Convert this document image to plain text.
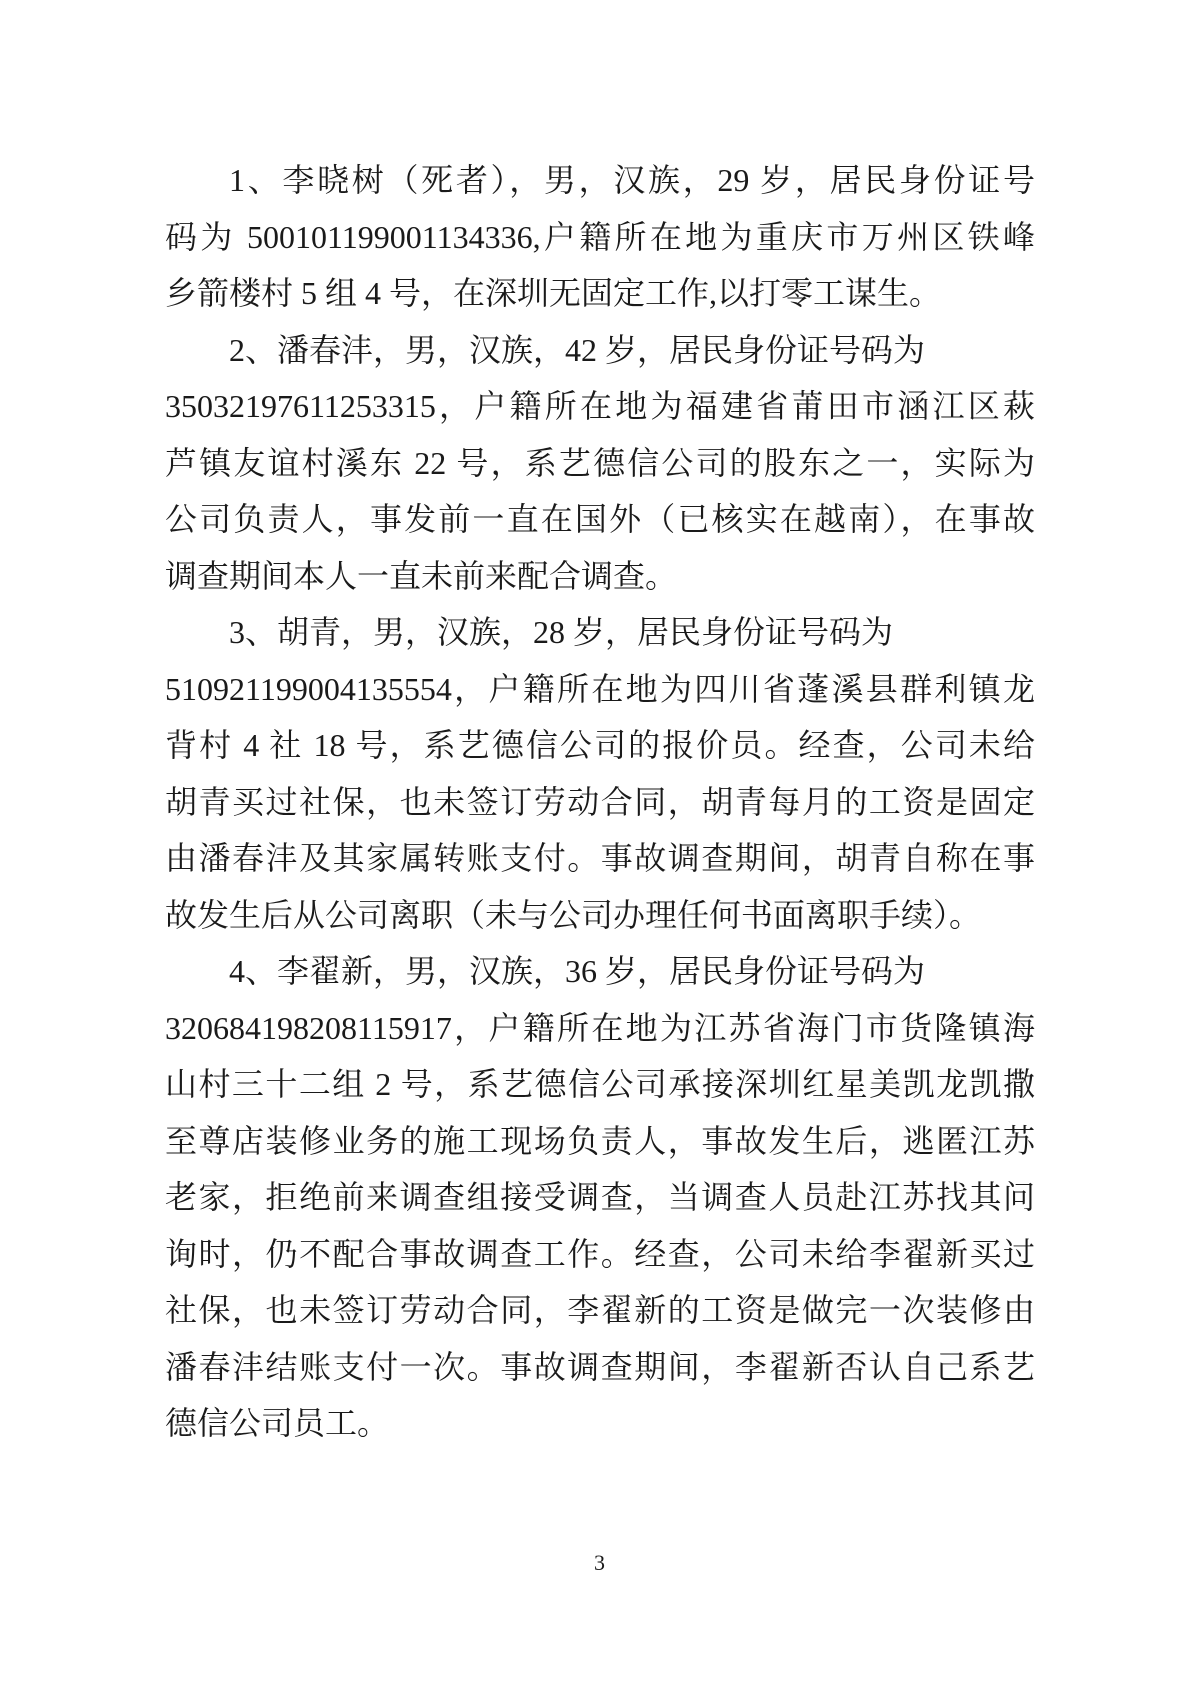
1、李晓树（死者），男，汉族，29 岁，居民身份证号
码为 500101199001134336,户籍所在地为重庆市万州区铁峰
乡箭楼村 5 组 4 号，在深圳无固定工作,以打零工谋生。
2、潘春沣，男，汉族，42 岁，居民身份证号码为
35032197611253315，户籍所在地为福建省莆田市涵江区萩
芦镇友谊村溪东 22 号，系艺德信公司的股东之一，实际为
公司负责人，事发前一直在国外（已核实在越南），在事故
调查期间本人一直未前来配合调查。
3、胡青，男，汉族，28 岁，居民身份证号码为
510921199004135554，户籍所在地为四川省蓬溪县群利镇龙
背村 4 社 18 号，系艺德信公司的报价员。经查，公司未给
胡青买过社保，也未签订劳动合同，胡青每月的工资是固定
由潘春沣及其家属转账支付。事故调查期间，胡青自称在事
故发生后从公司离职（未与公司办理任何书面离职手续）。
4、李翟新，男，汉族，36 岁，居民身份证号码为
320684198208115917，户籍所在地为江苏省海门市货隆镇海
山村三十二组 2 号，系艺德信公司承接深圳红星美凯龙凯撒
至尊店装修业务的施工现场负责人，事故发生后，逃匿江苏
老家，拒绝前来调查组接受调查，当调查人员赴江苏找其问
询时，仍不配合事故调查工作。经查，公司未给李翟新买过
社保，也未签订劳动合同，李翟新的工资是做完一次装修由
潘春沣结账支付一次。事故调查期间，李翟新否认自己系艺
德信公司员工。
3
